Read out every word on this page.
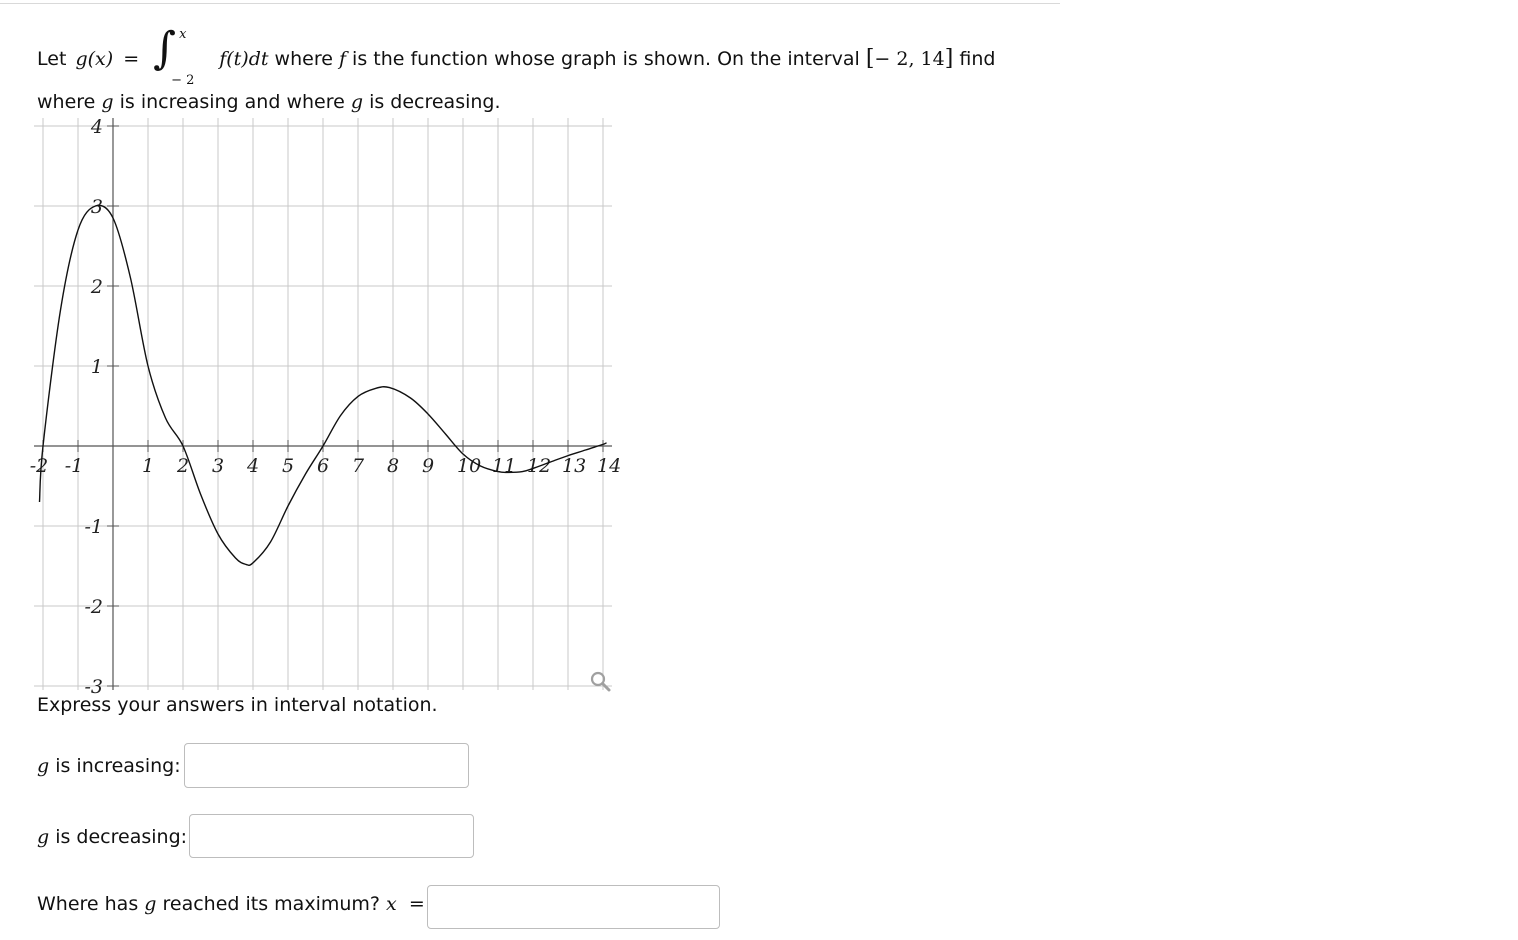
Let g(x) = ∫ x
− 2
f(t)dt where f is the function whose graph is shown. On the interval [− 2, 14] find
where g is increasing and where g is decreasing.
-2 -1	1 2 3 4 5 6 7 8 9 10 11 12 13 14
4
3
2
1
-1
-2
-3
Express your answers in interval notation.
g is increasing:
g is decreasing:
Where has g reached its maximum? x =
